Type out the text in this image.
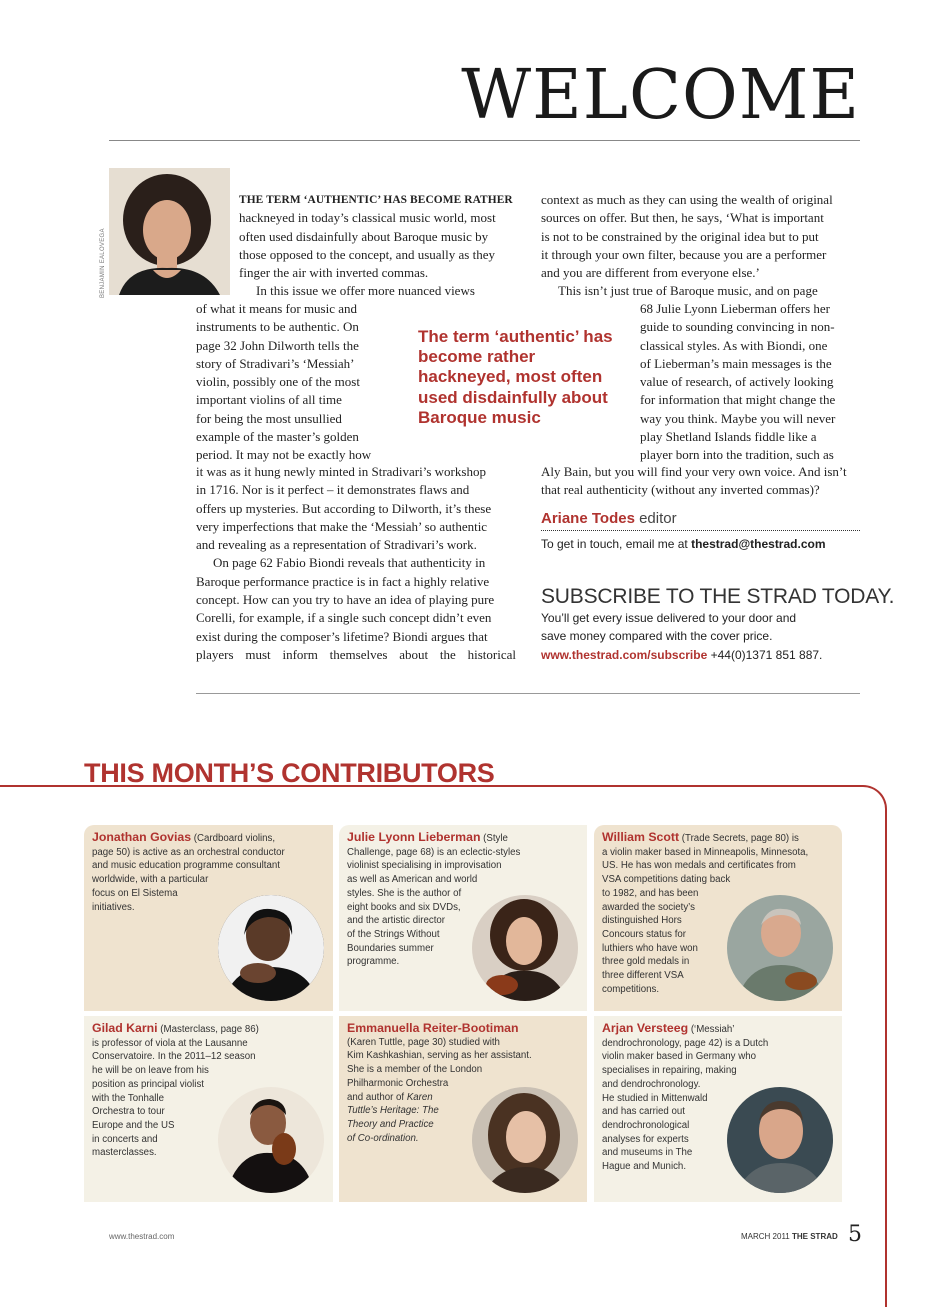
WELCOME
BENJAMIN EALOVEGA

THE TERM ‘AUTHENTIC’ HAS BECOME RATHER

hackneyed in today’s classical music world, most

often used disdainfully about Baroque music by

those opposed to the concept, and usually as they

finger the air with inverted commas.

In this issue we offer more nuanced views

of what it means for music and

instruments to be authentic. On

page 32 John Dilworth tells the

story of Stradivari’s ‘Messiah’

violin, possibly one of the most

important violins of all time

for being the most unsullied

example of the master’s golden

period. It may not be exactly how

it was as it hung newly minted in Stradivari’s workshop

in 1716. Nor is it perfect – it demonstrates flaws and

offers up mysteries. But according to Dilworth, it’s these

very imperfections that make the ‘Messiah’ so authentic

and revealing as a representation of Stradivari’s work.

On page 62 Fabio Biondi reveals that authenticity in

Baroque performance practice is in fact a highly relative

concept. How can you try to have an idea of playing pure

Corelli, for example, if a single such concept didn’t even

exist during the composer’s lifetime? Biondi argues that

players must inform themselves about the historical

The term ‘authentic’ has become rather hackneyed, most often used disdainfully about Baroque music

context as much as they can using the wealth of original

sources on offer. But then, he says, ‘What is important

is not to be constrained by the original idea but to put

it through your own filter, because you are a performer

and you are different from everyone else.’

This isn’t just true of Baroque music, and on page

68 Julie Lyonn Lieberman offers her

guide to sounding convincing in non-

classical styles. As with Biondi, one

of Lieberman’s main messages is the

value of research, of actively looking

for information that might change the

way you think. Maybe you will never

play Shetland Islands fiddle like a

player born into the tradition, such as

Aly Bain, but you will find your very own voice. And isn’t

that real authenticity (without any inverted commas)?

Ariane Todes editor
To get in touch, email me at thestrad@thestrad.com
SUBSCRIBE TO THE STRAD TODAY.
You’ll get every issue delivered to your door and
save money compared with the cover price.
www.thestrad.com/subscribe +44(0)1371 851 887.
THIS MONTH’S CONTRIBUTORS
Jonathan Govias (Cardboard violins,
page 50) is active as an orchestral conductor
and music education programme consultant
worldwide, with a particular
focus on El Sistema
initiatives.
Julie Lyonn Lieberman (Style
Challenge, page 68) is an eclectic-styles
violinist specialising in improvisation
as well as American and world
styles. She is the author of
eight books and six DVDs,
and the artistic director
of the Strings Without
Boundaries summer
programme.
William Scott (Trade Secrets, page 80) is
a violin maker based in Minneapolis, Minnesota,
US. He has won medals and certificates from
VSA competitions dating back
to 1982, and has been
awarded the society’s
distinguished Hors
Concours status for
luthiers who have won
three gold medals in
three different VSA
competitions.
Gilad Karni (Masterclass, page 86)
is professor of viola at the Lausanne
Conservatoire. In the 2011–12 season
he will be on leave from his
position as principal violist
with the Tonhalle
Orchestra to tour
Europe and the US
in concerts and
masterclasses.
Emmanuella Reiter-Bootiman
(Karen Tuttle, page 30) studied with
Kim Kashkashian, serving as her assistant.
She is a member of the London
Philharmonic Orchestra
and author of Karen
Tuttle’s Heritage: The
Theory and Practice
of Co-ordination.
Arjan Versteeg (‘Messiah’
dendrochronology, page 42) is a Dutch
violin maker based in Germany who
specialises in repairing, making
and dendrochronology.
He studied in Mittenwald
and has carried out
dendrochronological
analyses for experts
and museums in The
Hague and Munich.
www.thestrad.com	MARCH 2011 THE STRAD 5
